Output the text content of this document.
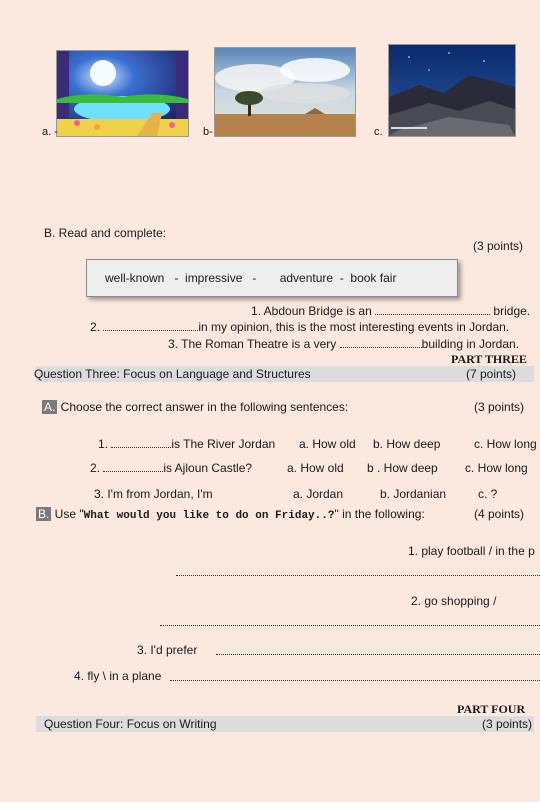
a. -	b-	c.
B. Read and complete:
(3 points)
well-known   -  impressive   -       adventure  -  book fair
1. Abdoun Bridge is an	bridge.
2.	in my opinion, this is the most interesting events in Jordan.
3. The Roman Theatre is a very	building in Jordan.
PART THREE
Question Three: Focus on Language and Structures	(7 points)
A. Choose the correct answer in the following sentences:	(3 points)
1.	is The River Jordan a. How old b. How deep	c. How long
2.	is Ajloun Castle?	a. How old b . How deep c. How long
3. I'm from Jordan, I'm	a. Jordan	b. Jordanian	c. ?
B. Use "What would you like to do on Friday..?" in the following:	(4 points)
1. play football / in the p
2. go shopping /
3. I'd prefer
4. fly \ in a plane
PART FOUR
Question Four: Focus on Writing	(3 points)
